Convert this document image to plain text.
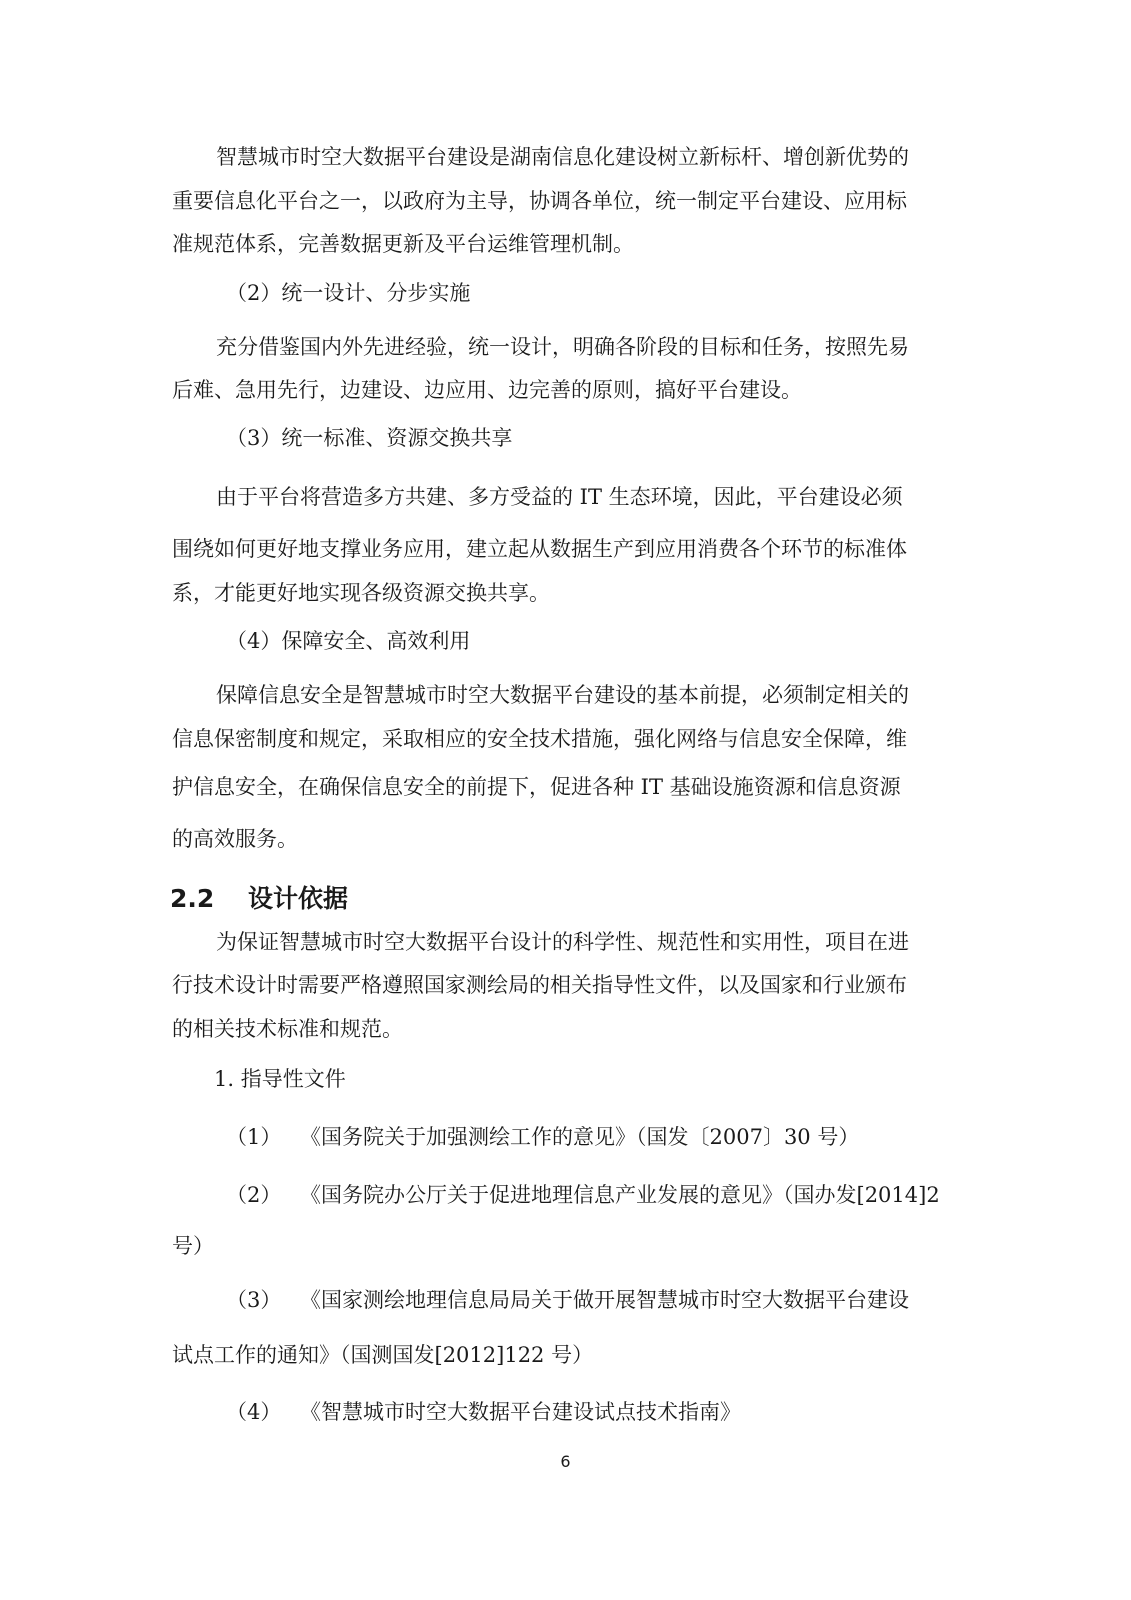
智慧城市时空大数据平台建设是湖南信息化建设树立新标杆、增创新优势的
重要信息化平台之一，以政府为主导，协调各单位，统一制定平台建设、应用标
准规范体系，完善数据更新及平台运维管理机制。
（2）统一设计、分步实施
充分借鉴国内外先进经验，统一设计，明确各阶段的目标和任务，按照先易
后难、急用先行，边建设、边应用、边完善的原则，搞好平台建设。
（3）统一标准、资源交换共享
由于平台将营造多方共建、多方受益的 IT 生态环境，因此，平台建设必须
围绕如何更好地支撑业务应用，建立起从数据生产到应用消费各个环节的标准体
系，才能更好地实现各级资源交换共享。
（4）保障安全、高效利用
保障信息安全是智慧城市时空大数据平台建设的基本前提，必须制定相关的
信息保密制度和规定，采取相应的安全技术措施，强化网络与信息安全保障，维
护信息安全，在确保信息安全的前提下，促进各种 IT 基础设施资源和信息资源
的高效服务。
2.2 设计依据
为保证智慧城市时空大数据平台设计的科学性、规范性和实用性，项目在进
行技术设计时需要严格遵照国家测绘局的相关指导性文件，以及国家和行业颁布
的相关技术标准和规范。
1. 指导性文件
（1） 《国务院关于加强测绘工作的意见》（国发〔2007〕30 号）
（2） 《国务院办公厅关于促进地理信息产业发展的意见》（国办发[2014]2
号）
（3） 《国家测绘地理信息局局关于做开展智慧城市时空大数据平台建设
试点工作的通知》（国测国发[2012]122 号）
（4） 《智慧城市时空大数据平台建设试点技术指南》
6
